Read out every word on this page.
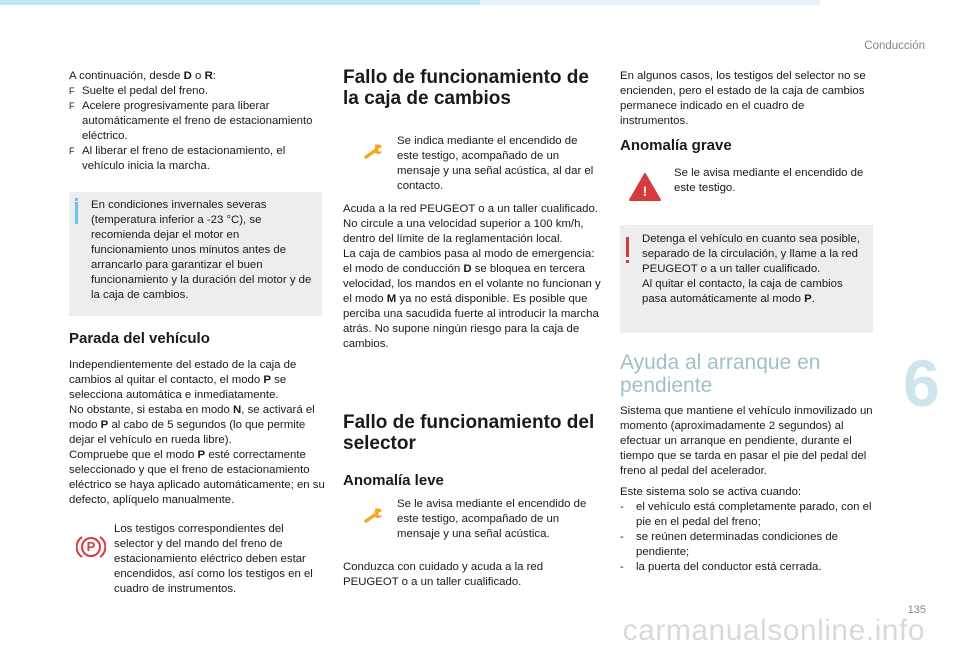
Conducción
6
135

A continuación, desde D o R:

F Suelte el pedal del freno.
F Acelere progresivamente para liberar automáticamente el freno de estacionamiento eléctrico.
F Al liberar el freno de estacionamiento, el vehículo inicia la marcha.

En condiciones invernales severas (temperatura inferior a -23 °C), se recomienda dejar el motor en funcionamiento unos minutos antes de arrancarlo para garantizar el buen funcionamiento y la duración del motor y de la caja de cambios.

Parada del vehículo

Independientemente del estado de la caja de cambios al quitar el contacto, el modo P se selecciona automática e inmediatamente.

No obstante, si estaba en modo N, se activará el modo P al cabo de 5 segundos (lo que permite dejar el vehículo en rueda libre).

Compruebe que el modo P esté correctamente seleccionado y que el freno de estacionamiento eléctrico se haya aplicado automáticamente; en su defecto, aplíquelo manualmente.

P

Los testigos correspondientes del selector y del mando del freno de estacionamiento eléctrico deben estar encendidos, así como los testigos en el cuadro de instrumentos.

Fallo de funcionamiento de la caja de cambios

Se indica mediante el encendido de este testigo, acompañado de un mensaje y una señal acústica, al dar el contacto.

Acuda a la red PEUGEOT o a un taller cualificado.

No circule a una velocidad superior a 100 km/h, dentro del límite de la reglamentación local.

La caja de cambios pasa al modo de emergencia: el modo de conducción D se bloquea en tercera velocidad, los mandos en el volante no funcionan y el modo M ya no está disponible. Es posible que perciba una sacudida fuerte al introducir la marcha atrás. No supone ningún riesgo para la caja de cambios.

Fallo de funcionamiento del selector
Anomalía leve

Se le avisa mediante el encendido de este testigo, acompañado de un mensaje y una señal acústica.

Conduzca con cuidado y acuda a la red PEUGEOT o a un taller cualificado.

En algunos casos, los testigos del selector no se encienden, pero el estado de la caja de cambios permanece indicado en el cuadro de instrumentos.

Anomalía grave
!

Se le avisa mediante el encendido de este testigo.

Detenga el vehículo en cuanto sea posible, separado de la circulación, y llame a la red PEUGEOT o a un taller cualificado.

Al quitar el contacto, la caja de cambios pasa automáticamente al modo P.

Ayuda al arranque en pendiente

Sistema que mantiene el vehículo inmovilizado un momento (aproximadamente 2 segundos) al efectuar un arranque en pendiente, durante el tiempo que se tarda en pasar el pie del pedal del freno al pedal del acelerador.

Este sistema solo se activa cuando:

-	el vehículo está completamente parado, con el pie en el pedal del freno;
-	se reúnen determinadas condiciones de pendiente;
-	la puerta del conductor está cerrada.
carmanualsonline.info
